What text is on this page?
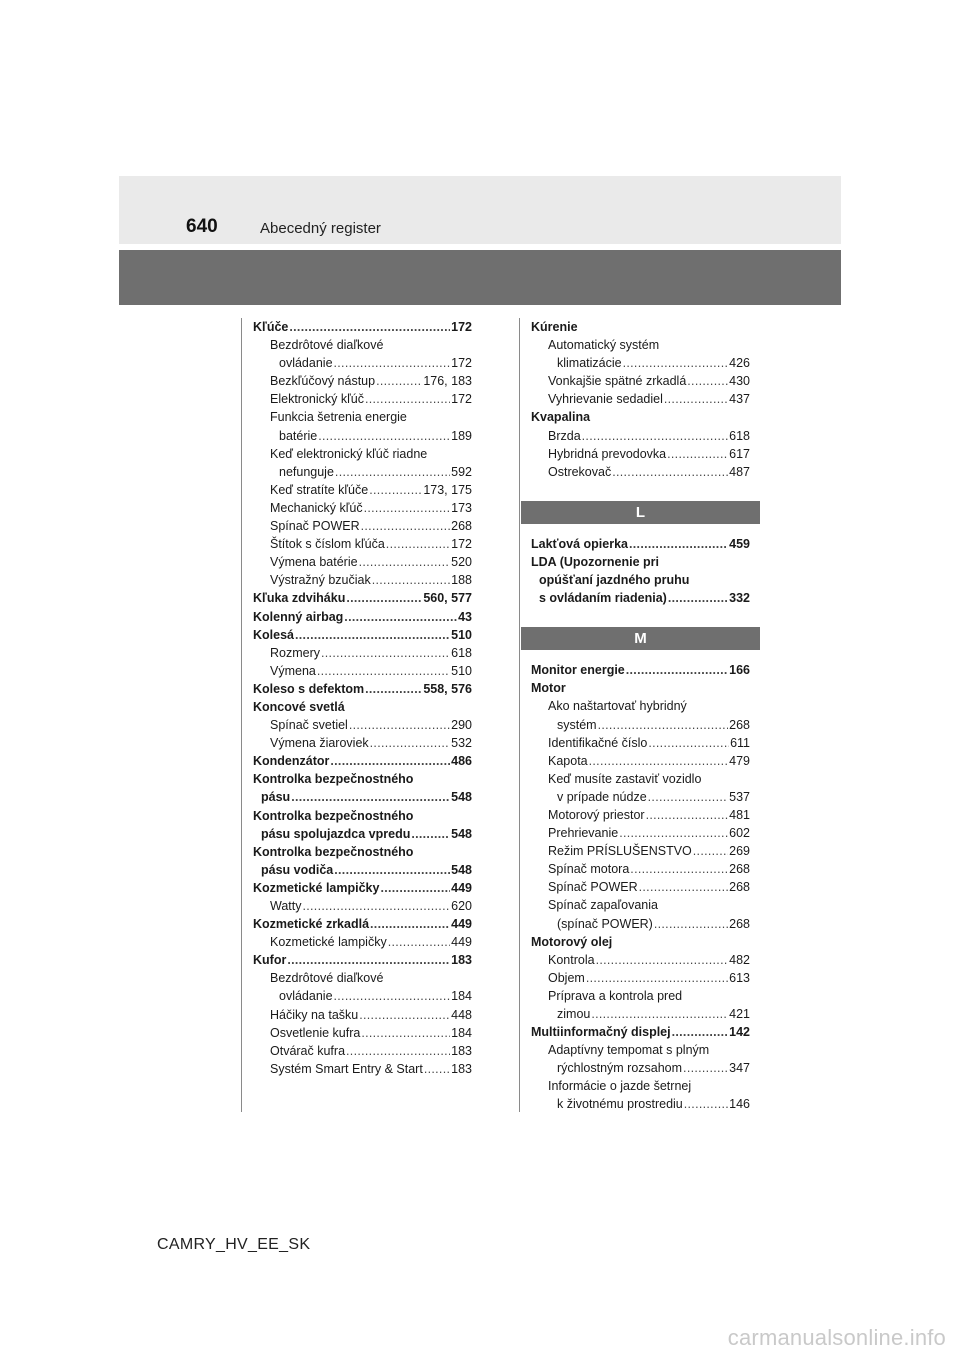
640	Abecedný register
Kľúče .....	172
Bezdrôtové diaľkové
ovládanie .....	172
Bezkľúčový nástup .....	176, 183
Elektronický kľúč .....	172
Funkcia šetrenia energie
batérie .....	189
Keď elektronický kľúč riadne
nefunguje .....	592
Keď stratíte kľúče .....	173, 175
Mechanický kľúč .....	173
Spínač POWER .....	268
Štítok s číslom kľúča .....	172
Výmena batérie .....	520
Výstražný bzučiak .....	188
Kľuka zdviháku .....	560, 577
Kolenný airbag .....	43
Kolesá .....	510
Rozmery .....	618
Výmena .....	510
Koleso s defektom .....	558, 576
Koncové svetlá
Spínač svetiel .....	290
Výmena žiaroviek .....	532
Kondenzátor .....	486
Kontrolka bezpečnostného
pásu .....	548
Kontrolka bezpečnostného
pásu spolujazdca vpredu .....	548
Kontrolka bezpečnostného
pásu vodiča .....	548
Kozmetické lampičky .....	449
Watty .....	620
Kozmetické zrkadlá .....	449
Kozmetické lampičky .....	449
Kufor .....	183
Bezdrôtové diaľkové
ovládanie .....	184
Háčiky na tašku .....	448
Osvetlenie kufra .....	184
Otvárač kufra .....	183
Systém Smart Entry & Start ..... 183
Kúrenie
Automatický systém
klimatizácie .....	426
Vonkajšie spätné zrkadlá .....	430
Vyhrievanie sedadiel .....	437
Kvapalina
Brzda .....	618
Hybridná prevodovka .....	617
Ostrekovač .....	487
L
Lakťová opierka .....	459
LDA (Upozornenie pri
opúšťaní jazdného pruhu
s ovládaním riadenia) .....	332
M
Monitor energie .....	166
Motor
Ako naštartovať hybridný
systém .....	268
Identifikačné číslo .....	611
Kapota .....	479
Keď musíte zastaviť vozidlo
v prípade núdze .....	537
Motorový priestor .....	481
Prehrievanie .....	602
Režim PRÍSLUŠENSTVO .....	269
Spínač motora .....	268
Spínač POWER .....	268
Spínač zapaľovania
(spínač POWER) .....	268
Motorový olej
Kontrola .....	482
Objem .....	613
Príprava a kontrola pred
zimou .....	421
Multiinformačný displej .....	142
Adaptívny tempomat s plným
rýchlostným rozsahom .....	347
Informácie o jazde šetrnej
k životnému prostrediu .....	146
CAMRY_HV_EE_SK
carmanualsonline.info
